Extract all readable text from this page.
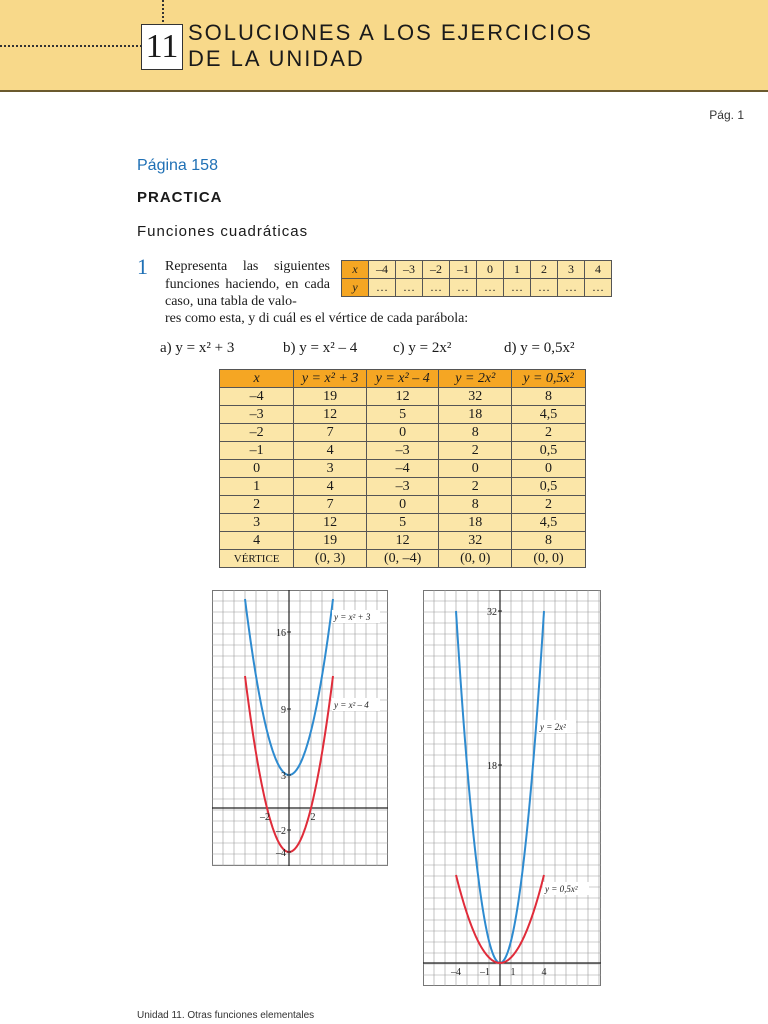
11 SOLUCIONES A LOS EJERCICIOS
DE LA UNIDAD
Pág. 1
Página 158
PRACTICA
Funciones cuadráticas
1 Representa las siguientes funciones haciendo, en cada caso, una tabla de valo-
res como esta, y di cuál es el vértice de cada parábola:
a) y = x² + 3	b) y = x² – 4 c) y = 2x²	d) y = 0,5x²
x	–4	–3	–2	–1	0	1	2	3	4
y	…	…	…	…	…	…	…	…	…
x	y = x² + 3	y = x² – 4	y = 2x²	y = 0,5x²
–4	19	12	32	8
–3	12	5	18	4,5
–2	7	0	8	2
–1	4	–3	2	0,5
0	3	–4	0	0
1	4	–3	2	0,5
2	7	0	8	2
3	12	5	18	4,5
4	19	12	32	8
VÉRTICE	(0, 3)	(0, –4)	(0, 0)	(0, 0)
–2	2
16
9
3
–2
–4
y = x² + 3
y = x² – 4
–4 –1 1	4
32
18
y = 2x²
y = 0,5x²
Unidad 11. Otras funciones elementales
